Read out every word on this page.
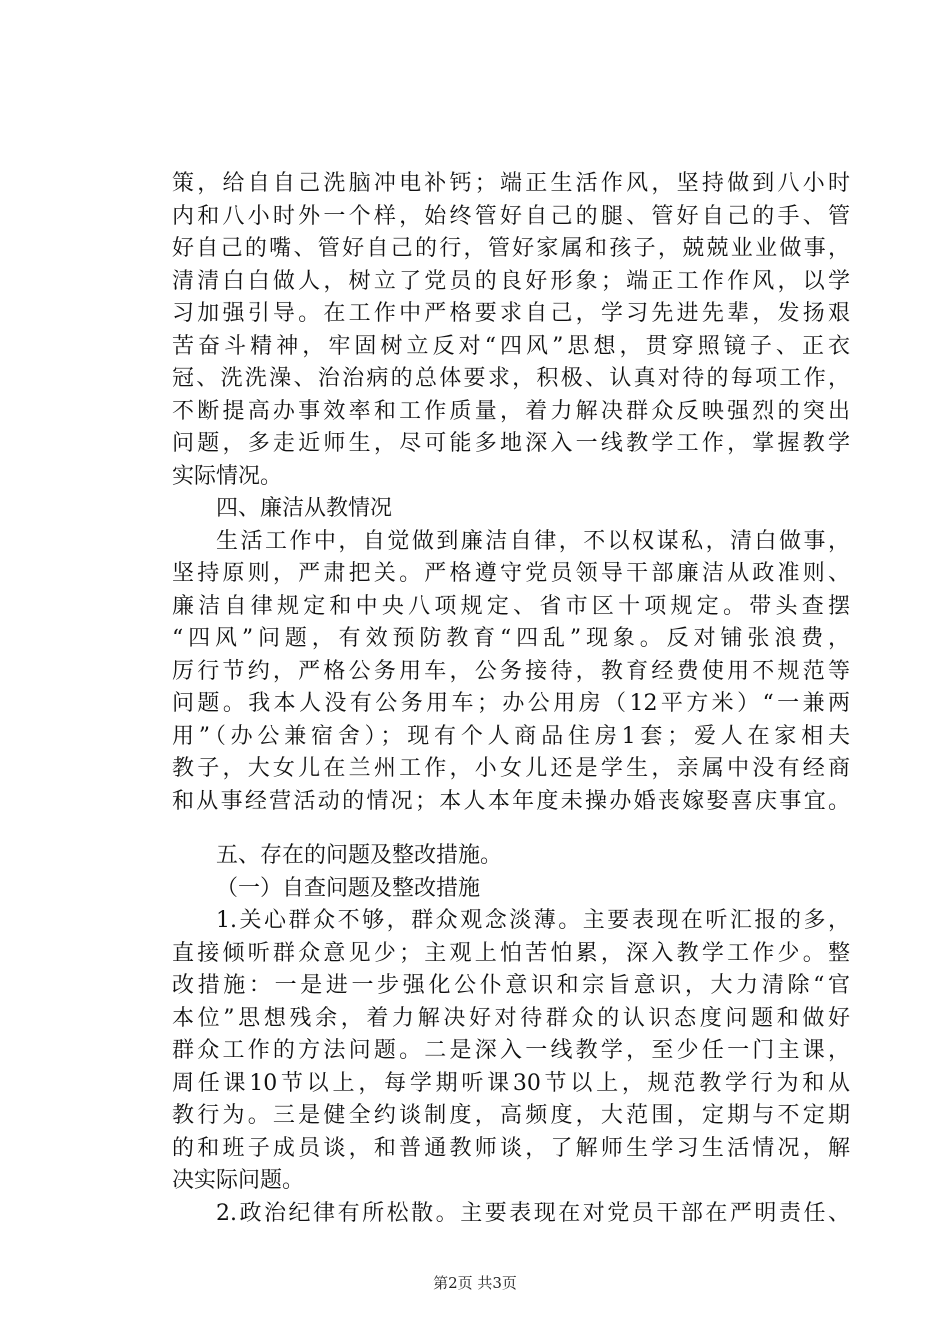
策，给自自己洗脑冲电补钙；端正生活作风，坚持做到八小时
内和八小时外一个样，始终管好自己的腿、管好自己的手、管
好自己的嘴、管好自己的行，管好家属和孩子，兢兢业业做事，
清清白白做人，树立了党员的良好形象；端正工作作风，以学
习加强引导。在工作中严格要求自己，学习先进先辈，发扬艰
苦奋斗精神，牢固树立反对“四风”思想，贯穿照镜子、正衣
冠、洗洗澡、治治病的总体要求，积极、认真对待的每项工作，
不断提高办事效率和工作质量，着力解决群众反映强烈的突出
问题，多走近师生，尽可能多地深入一线教学工作，掌握教学
实际情况。
四、廉洁从教情况
生活工作中，自觉做到廉洁自律，不以权谋私，清白做事，
坚持原则，严肃把关。严格遵守党员领导干部廉洁从政准则、
廉洁自律规定和中央八项规定、省市区十项规定。带头查摆
“四风”问题，有效预防教育“四乱”现象。反对铺张浪费，
厉行节约，严格公务用车，公务接待，教育经费使用不规范等
问题。我本人没有公务用车；办公用房（12平方米）“一兼两
用”（办公兼宿舍）；现有个人商品住房1套；爱人在家相夫
教子，大女儿在兰州工作，小女儿还是学生，亲属中没有经商
和从事经营活动的情况；本人本年度未操办婚丧嫁娶喜庆事宜。
五、存在的问题及整改措施。
（一）自查问题及整改措施
1.关心群众不够，群众观念淡薄。主要表现在听汇报的多，
直接倾听群众意见少；主观上怕苦怕累，深入教学工作少。整
改措施：一是进一步强化公仆意识和宗旨意识，大力清除“官
本位”思想残余，着力解决好对待群众的认识态度问题和做好
群众工作的方法问题。二是深入一线教学，至少任一门主课，
周任课10节以上，每学期听课30节以上，规范教学行为和从
教行为。三是健全约谈制度，高频度，大范围，定期与不定期
的和班子成员谈，和普通教师谈，了解师生学习生活情况，解
决实际问题。
2.政治纪律有所松散。主要表现在对党员干部在严明责任、
第2页 共3页
